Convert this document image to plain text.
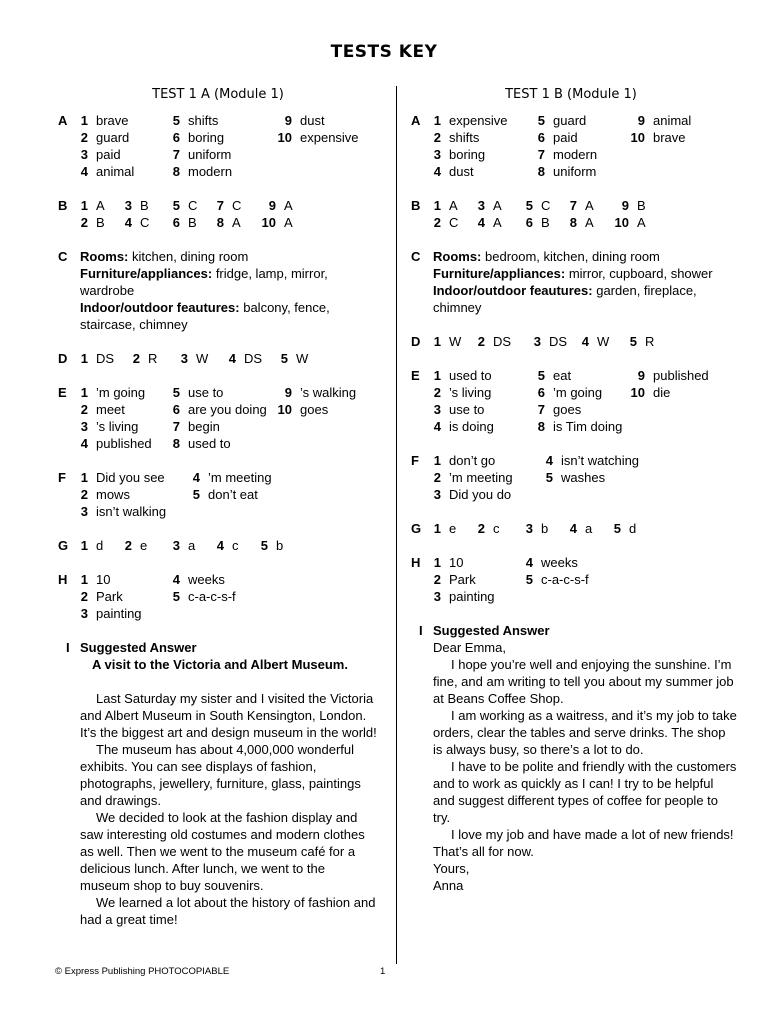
TESTS KEY
TEST 1 A (Module 1)
A	1 brave	5 shifts	9 dust
2 guard	6 boring	10 expensive
3 paid	7 uniform
4 animal	8 modern
B	1 A	3 B	5 C	7 C	9 A
2 B	4 C	6 B	8 A 10 A
C Rooms: kitchen, dining room
Furniture/appliances: fridge, lamp, mirror, wardrobe
Indoor/outdoor feautures: balcony, fence, staircase, chimney
D	1 DS	2 R	3 W	4 DS	5 W
E	1 ’m going	5 use to	9 ’s walking
2 meet	6 are you doing 10 goes
3 ’s living	7 begin
4 published	8 used to
F	1 Did you see	4 ’m meeting
2 mows	5 don’t eat
3 isn’t walking
G 1 d	2 e	3 a	4 c	5 b
H	1 10	4 weeks
2 Park	5 c-a-c-s-f
3 painting
I Suggested Answer

A visit to the Victoria and Albert Museum.

Last Saturday my sister and I visited the Victoria and Albert Museum in South Kensington, London. It’s the biggest art and design museum in the world!

The museum has about 4,000,000 wonderful exhibits. You can see displays of fashion, photographs, jewellery, furniture, glass, paintings and drawings.

We decided to look at the fashion display and saw interesting old costumes and modern clothes as well. Then we went to the museum café for a delicious lunch. After lunch, we went to the museum shop to buy souvenirs.

We learned a lot about the history of fashion and had a great time!

TEST 1 B (Module 1)
A	1 expensive	5 guard	9 animal
2 shifts	6 paid	10 brave
3 boring	7 modern
4 dust	8 uniform
B	1 A	3 A	5 C	7 A	9 B
2 C	4 A	6 B	8 A 10 A
C Rooms: bedroom, kitchen, dining room
Furniture/appliances: mirror, cupboard, shower
Indoor/outdoor feautures: garden, fireplace, chimney
D	1 W	2 DS	3 DS	4 W	5 R
E	1 used to	5 eat	9 published
2 ’s living	6 ’m going 10 die
3 use to	7 goes
4 is doing	8 is Tim doing
F	1 don’t go	4 isn’t watching
2 ’m meeting	5 washes
3 Did you do
G 1 e	2 c	3 b	4 a	5 d
H	1 10	4 weeks
2 Park	5 c-a-c-s-f
3 painting
I Suggested Answer

Dear Emma,

I hope you’re well and enjoying the sunshine. I’m fine, and am writing to tell you about my summer job at Beans Coffee Shop.

I am working as a waitress, and it’s my job to take orders, clear the tables and serve drinks. The shop is always busy, so there’s a lot to do.

I have to be polite and friendly with the customers and to work as quickly as I can! I try to be helpful and suggest different types of coffee for people to try.

I love my job and have made a lot of new friends!

That’s all for now.

Yours,

Anna

© Express Publishing PHOTOCOPIABLE	1
